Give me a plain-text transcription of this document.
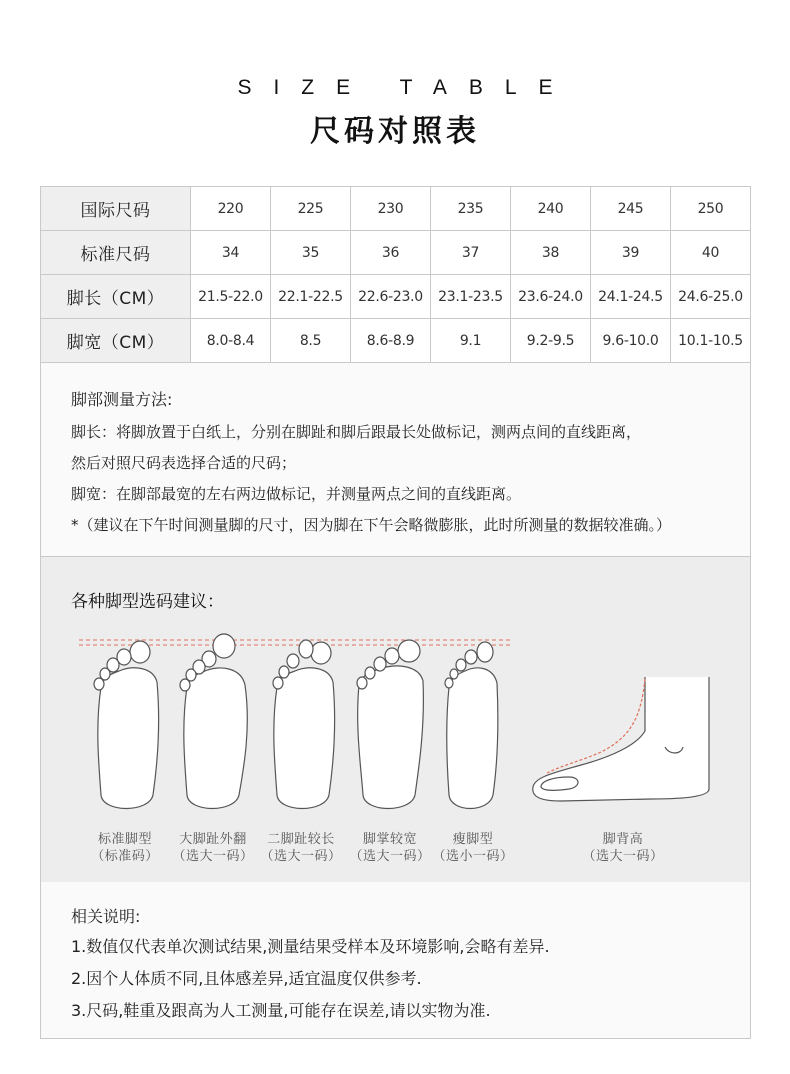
SIZE TABLE
尺码对照表
国际尺码	220	225	230	235	240	245	250
标准尺码	34	35	36	37	38	39	40
脚长（CM）	21.5-22.0	22.1-22.5	22.6-23.0	23.1-23.5	23.6-24.0	24.1-24.5	24.6-25.0
脚宽（CM）	8.0-8.4	8.5	8.6-8.9	9.1	9.2-9.5	9.6-10.0	10.1-10.5
脚部测量方法:
脚长：将脚放置于白纸上，分别在脚趾和脚后跟最长处做标记，测两点间的直线距离，
然后对照尺码表选择合适的尺码；
脚宽：在脚部最宽的左右两边做标记，并测量两点之间的直线距离。
*（建议在下午时间测量脚的尺寸，因为脚在下午会略微膨胀，此时所测量的数据较准确。）
各种脚型选码建议：
标准脚型
（标准码）
大脚趾外翻
（选大一码）
二脚趾较长
（选大一码）
脚掌较宽
（选大一码）
瘦脚型
（选小一码）
脚背高
（选大一码）
相关说明:
1.数值仅代表单次测试结果,测量结果受样本及环境影响,会略有差异.
2.因个人体质不同,且体感差异,适宜温度仅供参考.
3.尺码,鞋重及跟高为人工测量,可能存在误差,请以实物为准.
